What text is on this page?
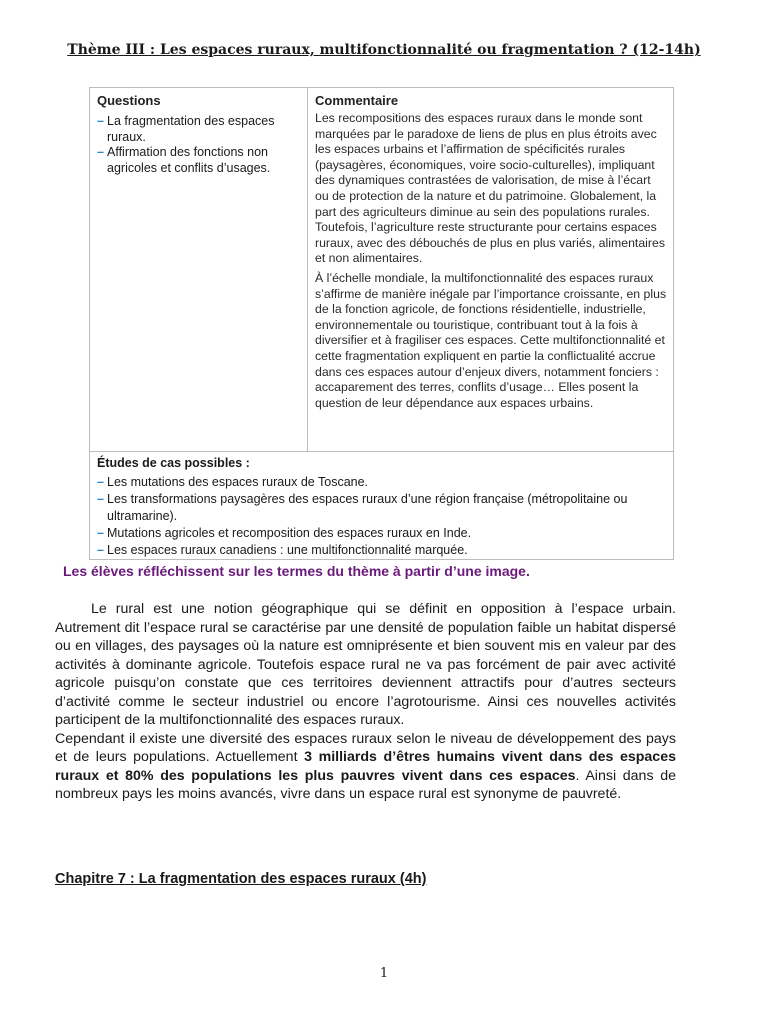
Thème III : Les espaces ruraux, multifonctionnalité ou fragmentation ? (12-14h)
Questions	Commentaire
– La fragmentation des espaces ruraux.
– Affirmation des fonctions non agricoles et conflits d’usages.

Les recompositions des espaces ruraux dans le monde sont marquées par le paradoxe de liens de plus en plus étroits avec les espaces urbains et l’affirmation de spécificités rurales (paysagères, économiques, voire socio-culturelles), impliquant des dynamiques contrastées de valorisation, de mise à l’écart ou de protection de la nature et du patrimoine. Globalement, la part des agriculteurs diminue au sein des populations rurales. Toutefois, l’agriculture reste structurante pour certains espaces ruraux, avec des débouchés de plus en plus variés, alimentaires et non alimentaires.

À l’échelle mondiale, la multifonctionnalité des espaces ruraux s’affirme de manière inégale par l’importance croissante, en plus de la fonction agricole, de fonctions résidentielle, industrielle, environnementale ou touristique, contribuant tout à la fois à diversifier et à fragiliser ces espaces. Cette multifonctionnalité et cette fragmentation expliquent en partie la conflictualité accrue dans ces espaces autour d’enjeux divers, notamment fonciers : accaparement des terres, conflits d’usage… Elles posent la question de leur dépendance aux espaces urbains.

Études de cas possibles :
– Les mutations des espaces ruraux de Toscane.
– Les transformations paysagères des espaces ruraux d’une région française (métropolitaine ou ultramarine).
– Mutations agricoles et recomposition des espaces ruraux en Inde.
– Les espaces ruraux canadiens : une multifonctionnalité marquée.
Les élèves réfléchissent sur les termes du thème à partir d’une image.

Le rural est une notion géographique qui se définit en opposition à l’espace urbain. Autrement dit l’espace rural se caractérise par une densité de population faible un habitat dispersé ou en villages, des paysages où la nature est omniprésente et bien souvent mis en valeur par des activités à dominante agricole. Toutefois espace rural ne va pas forcément de pair avec activité agricole puisqu’on constate que ces territoires deviennent attractifs pour d’autres secteurs d’activité comme le secteur industriel ou encore l’agrotourisme. Ainsi ces nouvelles activités participent de la multifonctionnalité des espaces ruraux.

Cependant il existe une diversité des espaces ruraux selon le niveau de développement des pays et de leurs populations. Actuellement 3 milliards d’êtres humains vivent dans des espaces ruraux et 80% des populations les plus pauvres vivent dans ces espaces. Ainsi dans de nombreux pays les moins avancés, vivre dans un espace rural est synonyme de pauvreté.

Chapitre 7 : La fragmentation des espaces ruraux (4h)
1
